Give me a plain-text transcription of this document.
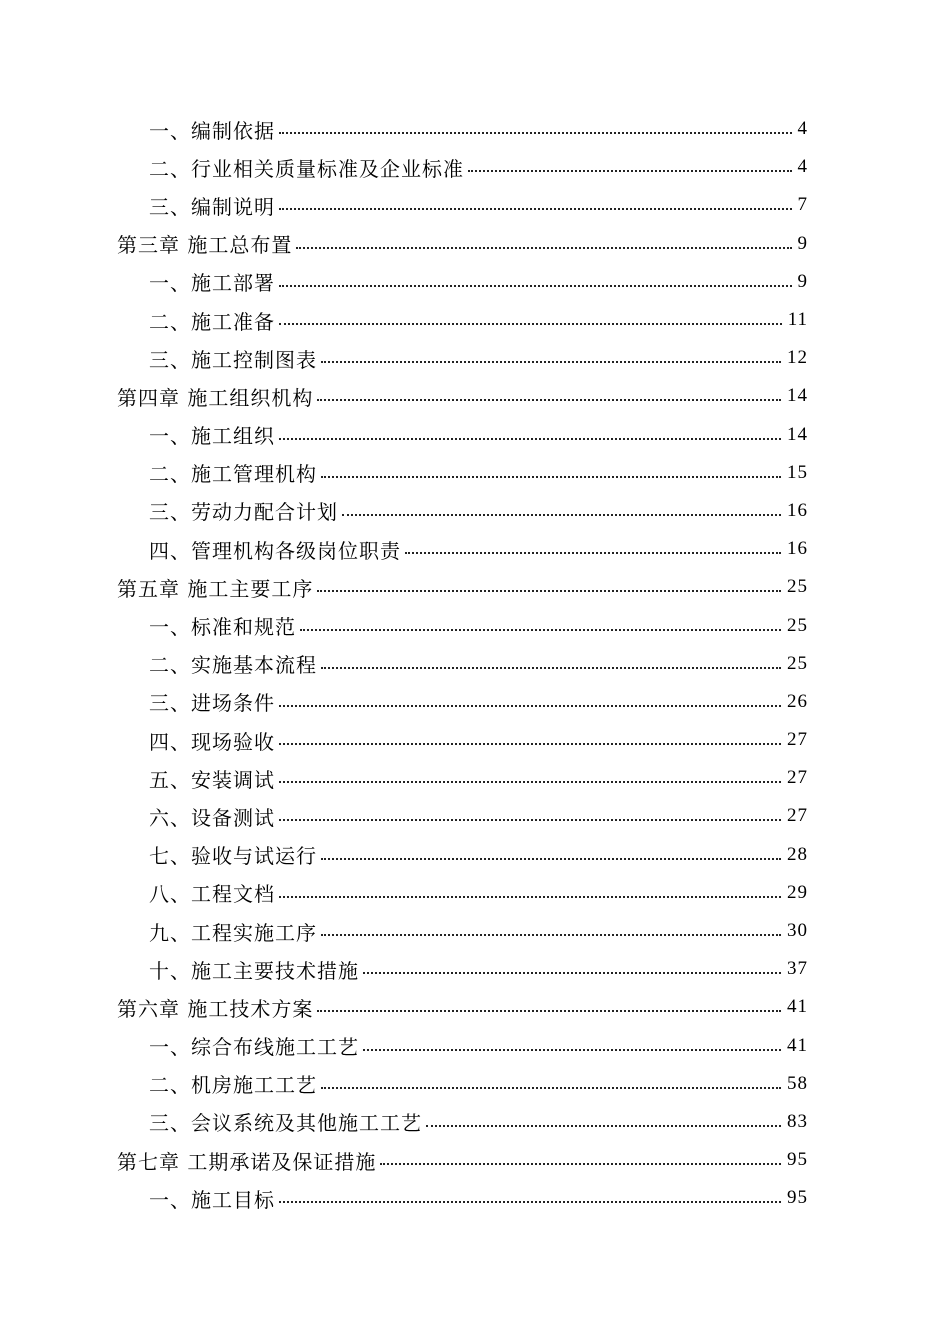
一、编制依据	4
二、行业相关质量标准及企业标准	4
三、编制说明	7
第三章 施工总布置	9
一、施工部署	9
二、施工准备	11
三、施工控制图表	12
第四章 施工组织机构	14
一、施工组织	14
二、施工管理机构	15
三、劳动力配合计划	16
四、管理机构各级岗位职责	16
第五章 施工主要工序	25
一、标准和规范	25
二、实施基本流程	25
三、进场条件	26
四、现场验收	27
五、安装调试	27
六、设备测试	27
七、验收与试运行	28
八、工程文档	29
九、工程实施工序	30
十、施工主要技术措施	37
第六章 施工技术方案	41
一、综合布线施工工艺	41
二、机房施工工艺	58
三、会议系统及其他施工工艺	83
第七章 工期承诺及保证措施	95
一、施工目标	95
